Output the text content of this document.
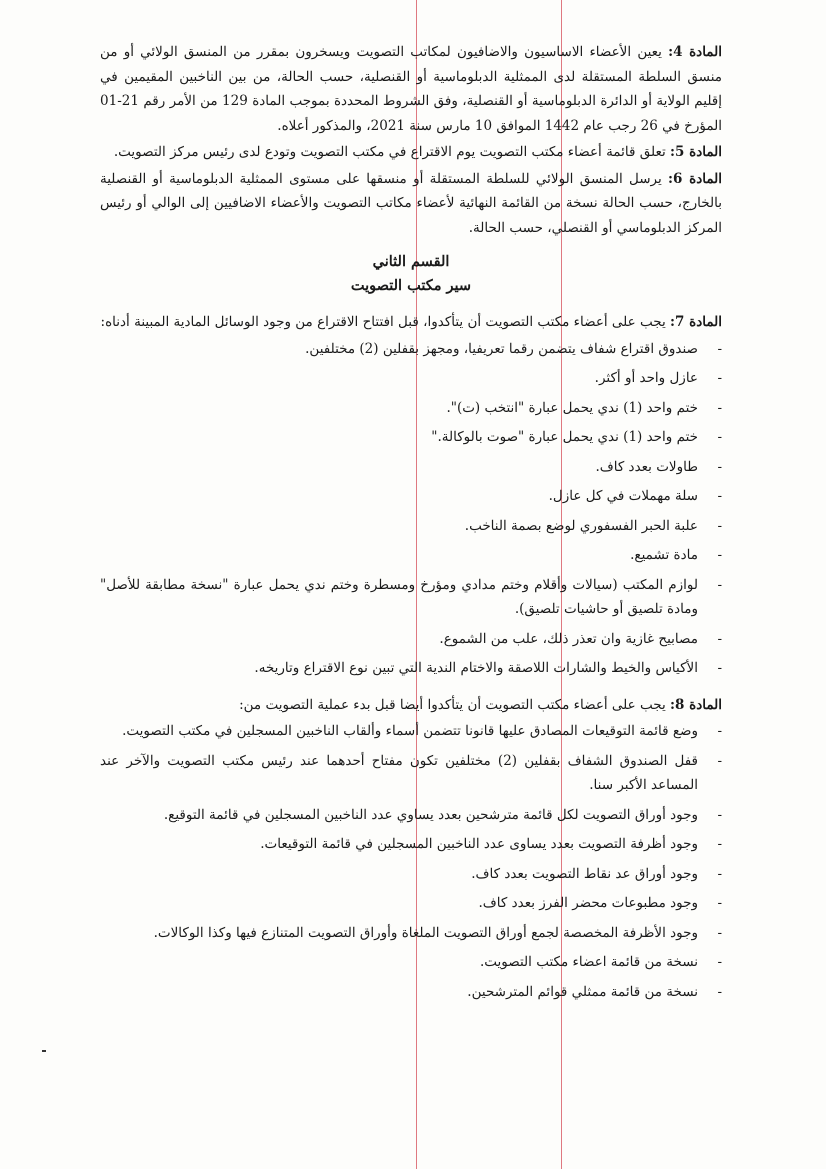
المادة 4: يعين الأعضاء الاساسيون والاضافيون لمكاتب التصويت ويسخرون بمقرر من المنسق الولائي أو من منسق السلطة المستقلة لدى الممثلية الدبلوماسية أو القنصلية، حسب الحالة، من بين الناخبين المقيمين في إقليم الولاية أو الدائرة الدبلوماسية أو القنصلية، وفق الشروط المحددة بموجب المادة 129 من الأمر رقم 21-01 المؤرخ في 26 رجب عام 1442 الموافق 10 مارس سنة 2021، والمذكور أعلاه.

المادة 5: تعلق قائمة أعضاء مكتب التصويت يوم الاقتراع في مكتب التصويت وتودع لدى رئيس مركز التصويت.

المادة 6: يرسل المنسق الولائي للسلطة المستقلة أو منسقها على مستوى الممثلية الدبلوماسية أو القنصلية بالخارج، حسب الحالة نسخة من القائمة النهائية لأعضاء مكاتب التصويت والأعضاء الاضافيين إلى الوالي أو رئيس المركز الدبلوماسي أو القنصلي، حسب الحالة.

القسم الثاني
سير مكتب التصويت

المادة 7: يجب على أعضاء مكتب التصويت أن يتأكدوا، قبل افتتاح الاقتراع من وجود الوسائل المادية المبينة أدناه:

- صندوق اقتراع شفاف يتضمن رقما تعريفيا، ومجهز بقفلين (2) مختلفين.
- عازل واحد أو أكثر.
- ختم واحد (1) ندي يحمل عبارة "انتخب (ت)".
- ختم واحد (1) ندي يحمل عبارة "صوت بالوكالة."
- طاولات بعدد كاف.
- سلة مهملات في كل عازل.
- علبة الحبر الفسفوري لوضع بصمة الناخب.
- مادة تشميع.
- لوازم المكتب (سيالات وأقلام وختم مدادي ومؤرخ ومسطرة وختم ندي يحمل عبارة "نسخة مطابقة للأصل" ومادة تلصيق أو حاشيات تلصيق).
- مصابيح غازية وان تعذر ذلك، علب من الشموع.
- الأكياس والخيط والشارات اللاصقة والاختام الندية التي تبين نوع الاقتراع وتاريخه.

المادة 8: يجب على أعضاء مكتب التصويت أن يتأكدوا أيضا قبل بدء عملية التصويت من:

- وضع قائمة التوقيعات المصادق عليها قانونا تتضمن أسماء وألقاب الناخبين المسجلين في مكتب التصويت.
- قفل الصندوق الشفاف بقفلين (2) مختلفين تكون مفتاح أحدهما عند رئيس مكتب التصويت والآخر عند المساعد الأكبر سنا.
- وجود أوراق التصويت لكل قائمة مترشحين بعدد يساوي عدد الناخبين المسجلين في قائمة التوقيع.
- وجود أظرفة التصويت بعدد يساوى عدد الناخبين المسجلين في قائمة التوقيعات.
- وجود أوراق عد نقاط التصويت بعدد كاف.
- وجود مطبوعات محضر الفرز بعدد كاف.
- وجود الأظرفة المخصصة لجمع أوراق التصويت الملغاة وأوراق التصويت المتنازع فيها وكذا الوكالات.
- نسخة من قائمة اعضاء مكتب التصويت.
- نسخة من قائمة ممثلي قوائم المترشحين.
